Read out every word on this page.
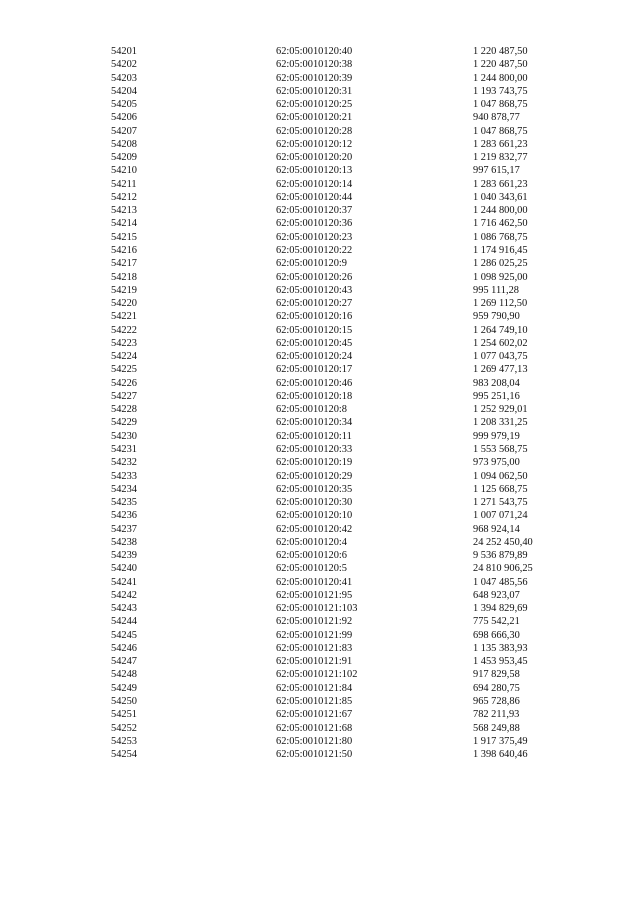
54201	62:05:0010120:40	1 220 487,50
54202	62:05:0010120:38	1 220 487,50
54203	62:05:0010120:39	1 244 800,00
54204	62:05:0010120:31	1 193 743,75
54205	62:05:0010120:25	1 047 868,75
54206	62:05:0010120:21	940 878,77
54207	62:05:0010120:28	1 047 868,75
54208	62:05:0010120:12	1 283 661,23
54209	62:05:0010120:20	1 219 832,77
54210	62:05:0010120:13	997 615,17
54211	62:05:0010120:14	1 283 661,23
54212	62:05:0010120:44	1 040 343,61
54213	62:05:0010120:37	1 244 800,00
54214	62:05:0010120:36	1 716 462,50
54215	62:05:0010120:23	1 086 768,75
54216	62:05:0010120:22	1 174 916,45
54217	62:05:0010120:9	1 286 025,25
54218	62:05:0010120:26	1 098 925,00
54219	62:05:0010120:43	995 111,28
54220	62:05:0010120:27	1 269 112,50
54221	62:05:0010120:16	959 790,90
54222	62:05:0010120:15	1 264 749,10
54223	62:05:0010120:45	1 254 602,02
54224	62:05:0010120:24	1 077 043,75
54225	62:05:0010120:17	1 269 477,13
54226	62:05:0010120:46	983 208,04
54227	62:05:0010120:18	995 251,16
54228	62:05:0010120:8	1 252 929,01
54229	62:05:0010120:34	1 208 331,25
54230	62:05:0010120:11	999 979,19
54231	62:05:0010120:33	1 553 568,75
54232	62:05:0010120:19	973 975,00
54233	62:05:0010120:29	1 094 062,50
54234	62:05:0010120:35	1 125 668,75
54235	62:05:0010120:30	1 271 543,75
54236	62:05:0010120:10	1 007 071,24
54237	62:05:0010120:42	968 924,14
54238	62:05:0010120:4	24 252 450,40
54239	62:05:0010120:6	9 536 879,89
54240	62:05:0010120:5	24 810 906,25
54241	62:05:0010120:41	1 047 485,56
54242	62:05:0010121:95	648 923,07
54243	62:05:0010121:103	1 394 829,69
54244	62:05:0010121:92	775 542,21
54245	62:05:0010121:99	698 666,30
54246	62:05:0010121:83	1 135 383,93
54247	62:05:0010121:91	1 453 953,45
54248	62:05:0010121:102	917 829,58
54249	62:05:0010121:84	694 280,75
54250	62:05:0010121:85	965 728,86
54251	62:05:0010121:67	782 211,93
54252	62:05:0010121:68	568 249,88
54253	62:05:0010121:80	1 917 375,49
54254	62:05:0010121:50	1 398 640,46
